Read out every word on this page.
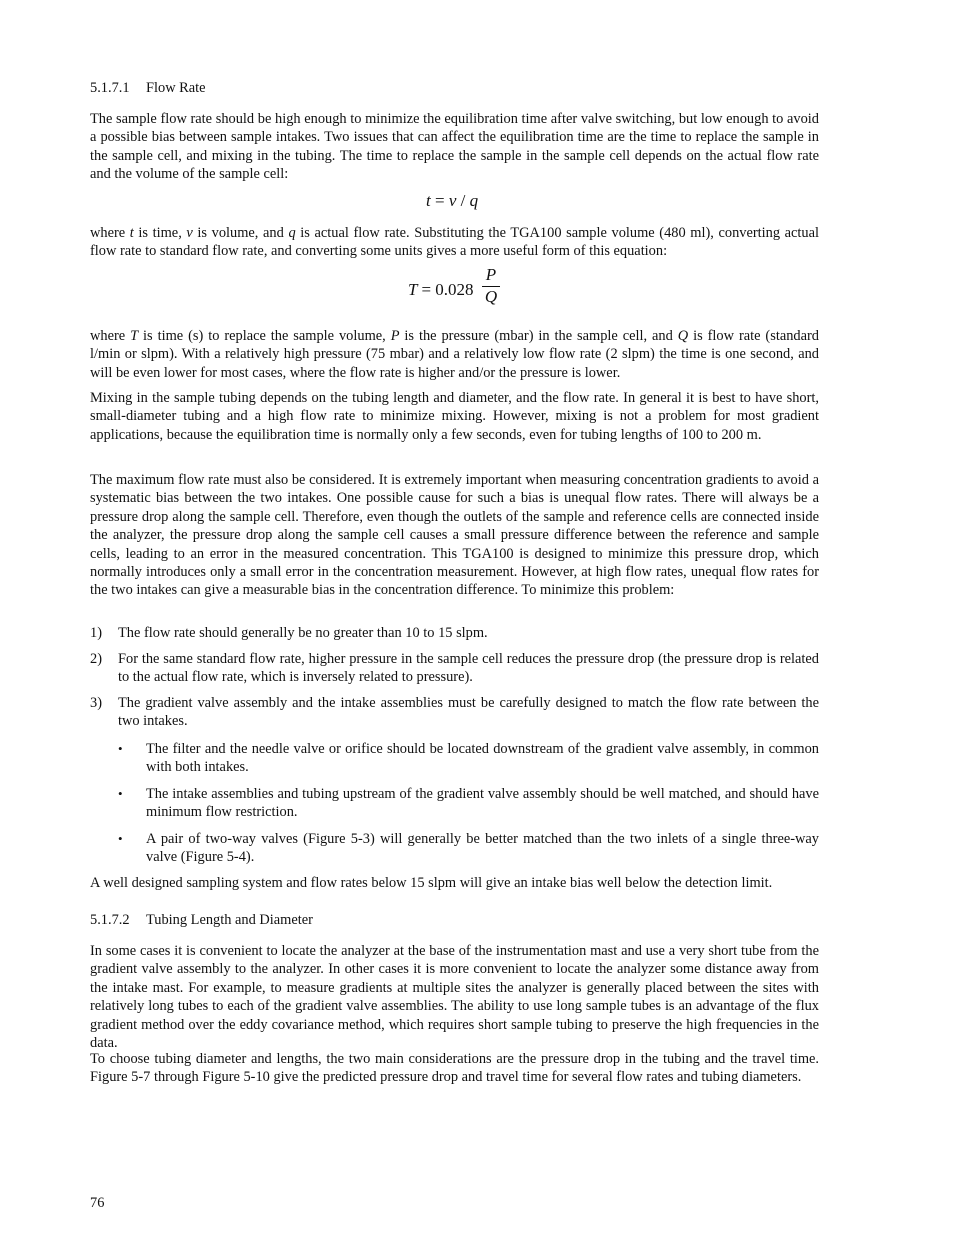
5.1.7.1 Flow Rate

The sample flow rate should be high enough to minimize the equilibration time after valve switching, but low enough to avoid a possible bias between sample intakes. Two issues that can affect the equilibration time are the time to replace the sample in the sample cell, and mixing in the tubing. The time to replace the sample in the sample cell depends on the actual flow rate and the volume of the sample cell:

t = v / q

where t is time, v is volume, and q is actual flow rate. Substituting the TGA100 sample volume (480 ml), converting actual flow rate to standard flow rate, and converting some units gives a more useful form of this equation:

T = 0.028
P
Q

where T is time (s) to replace the sample volume, P is the pressure (mbar) in the sample cell, and Q is flow rate (standard l/min or slpm). With a relatively high pressure (75 mbar) and a relatively low flow rate (2 slpm) the time is one second, and will be even lower for most cases, where the flow rate is higher and/or the pressure is lower.

Mixing in the sample tubing depends on the tubing length and diameter, and the flow rate. In general it is best to have short, small-diameter tubing and a high flow rate to minimize mixing. However, mixing is not a problem for most gradient applications, because the equilibration time is normally only a few seconds, even for tubing lengths of 100 to 200 m.

The maximum flow rate must also be considered. It is extremely important when measuring concentration gradients to avoid a systematic bias between the two intakes. One possible cause for such a bias is unequal flow rates. There will always be a pressure drop along the sample cell. Therefore, even though the outlets of the sample and reference cells are connected inside the analyzer, the pressure drop along the sample cell causes a small pressure difference between the reference and sample cells, leading to an error in the measured concentration. This TGA100 is designed to minimize this pressure drop, which normally introduces only a small error in the concentration measurement. However, at high flow rates, unequal flow rates for the two intakes can give a measurable bias in the concentration difference. To minimize this problem:

1) The flow rate should generally be no greater than 10 to 15 slpm.
2) For the same standard flow rate, higher pressure in the sample cell reduces the pressure drop (the pressure drop is related to the actual flow rate, which is inversely related to pressure).
3) The gradient valve assembly and the intake assemblies must be carefully designed to match the flow rate between the two intakes.
• The filter and the needle valve or orifice should be located downstream of the gradient valve assembly, in common with both intakes.
• The intake assemblies and tubing upstream of the gradient valve assembly should be well matched, and should have minimum flow restriction.
• A pair of two-way valves (Figure 5-3) will generally be better matched than the two inlets of a single three-way valve (Figure 5-4).

A well designed sampling system and flow rates below 15 slpm will give an intake bias well below the detection limit.

5.1.7.2 Tubing Length and Diameter

In some cases it is convenient to locate the analyzer at the base of the instrumentation mast and use a very short tube from the gradient valve assembly to the analyzer. In other cases it is more convenient to locate the analyzer some distance away from the intake mast. For example, to measure gradients at multiple sites the analyzer is generally placed between the sites with relatively long tubes to each of the gradient valve assemblies. The ability to use long sample tubes is an advantage of the flux gradient method over the eddy covariance method, which requires short sample tubing to preserve the high frequencies in the data.

To choose tubing diameter and lengths, the two main considerations are the pressure drop in the tubing and the travel time. Figure 5-7 through Figure 5-10 give the predicted pressure drop and travel time for several flow rates and tubing diameters.

76
